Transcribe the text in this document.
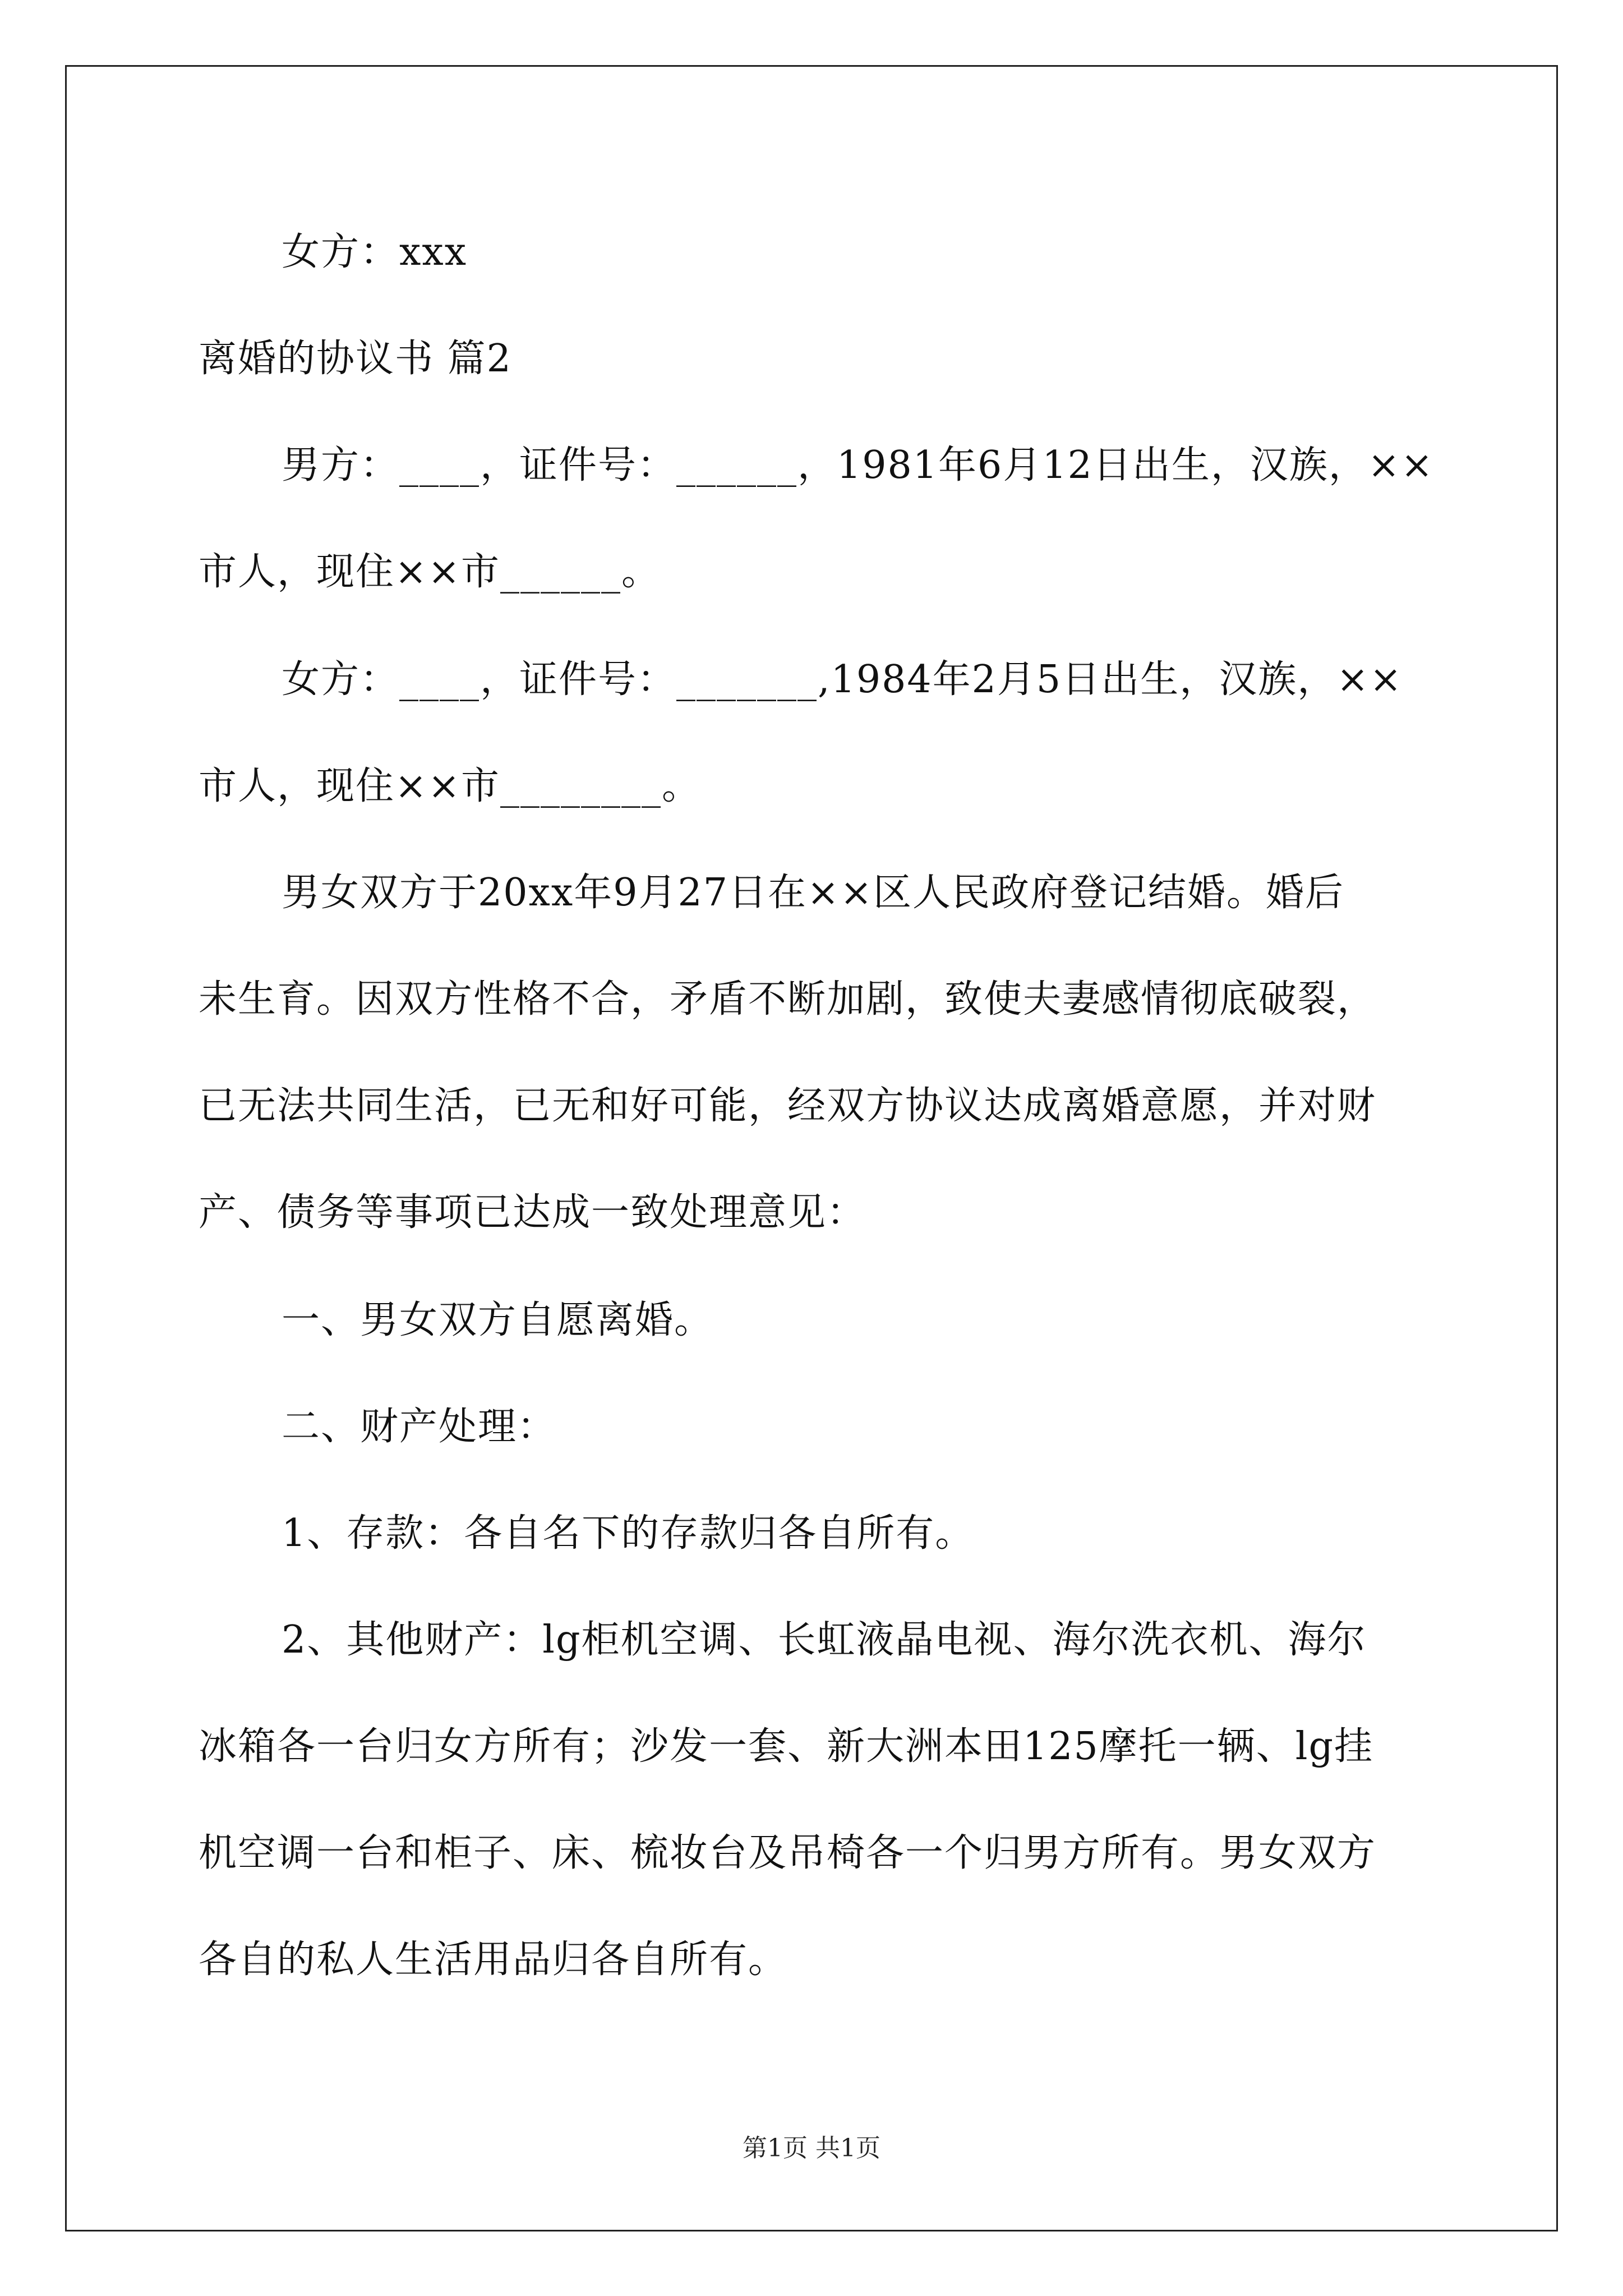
女方：xxx
离婚的协议书 篇2
男方：____，证件号：______，1981年6月12日出生，汉族，××
市人，现住××市______。
女方：____，证件号：_______,1984年2月5日出生，汉族，××
市人，现住××市________。
男女双方于20xx年9月27日在××区人民政府登记结婚。婚后
未生育。因双方性格不合，矛盾不断加剧，致使夫妻感情彻底破裂，
已无法共同生活，已无和好可能，经双方协议达成离婚意愿，并对财
产、债务等事项已达成一致处理意见：
一、男女双方自愿离婚。
二、财产处理：
1、存款：各自名下的存款归各自所有。
2、其他财产：lg柜机空调、长虹液晶电视、海尔洗衣机、海尔
冰箱各一台归女方所有；沙发一套、新大洲本田125摩托一辆、lg挂
机空调一台和柜子、床、梳妆台及吊椅各一个归男方所有。男女双方
各自的私人生活用品归各自所有。
第1页 共1页
